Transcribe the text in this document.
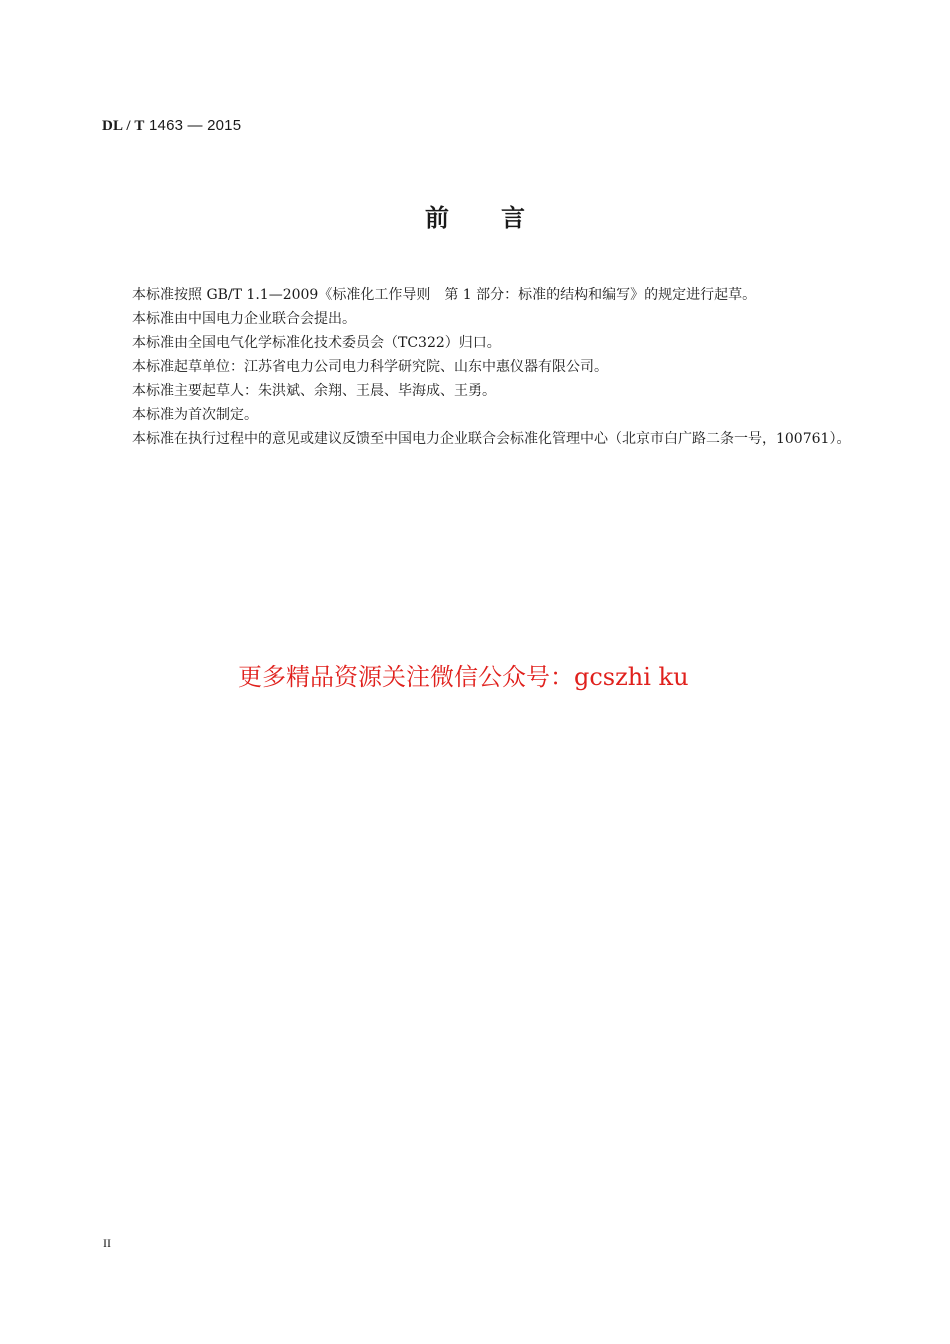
DL / T 1463 — 2015
前言

本标准按照 GB/T 1.1—2009《标准化工作导则　第 1 部分：标准的结构和编写》的规定进行起草。

本标准由中国电力企业联合会提出。

本标准由全国电气化学标准化技术委员会（TC322）归口。

本标准起草单位：江苏省电力公司电力科学研究院、山东中惠仪器有限公司。

本标准主要起草人：朱洪斌、余翔、王晨、毕海成、王勇。

本标准为首次制定。

本标准在执行过程中的意见或建议反馈至中国电力企业联合会标准化管理中心（北京市白广路二条一号，100761）。

更多精品资源关注微信公众号：gcszhi ku
II
